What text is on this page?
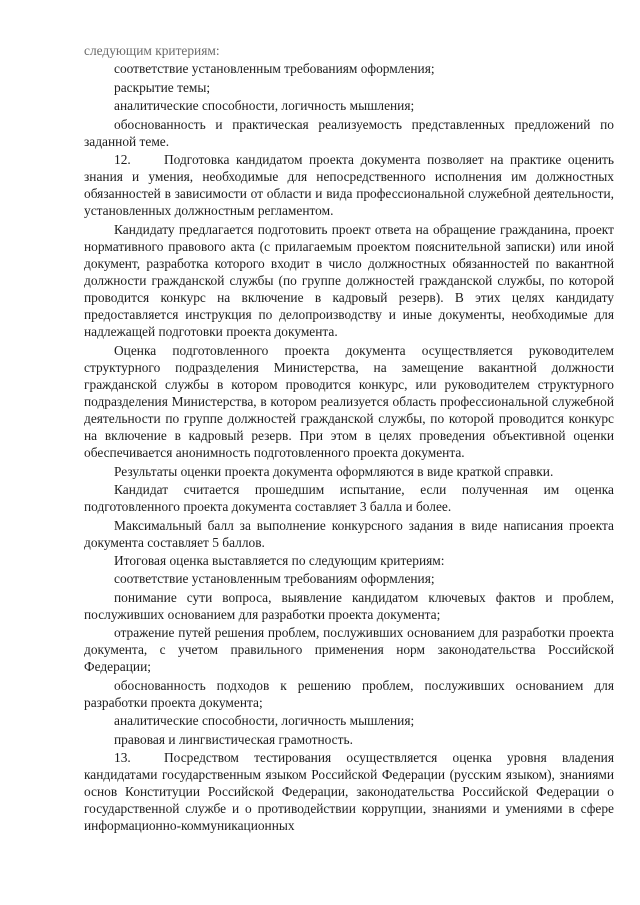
следующим критериям:

соответствие установленным требованиям оформления;

раскрытие темы;

аналитические способности, логичность мышления;

обоснованность и практическая реализуемость представленных предложений по заданной теме.

12. Подготовка кандидатом проекта документа позволяет на практике оценить знания и умения, необходимые для непосредственного исполнения им должностных обязанностей в зависимости от области и вида профессиональной служебной деятельности, установленных должностным регламентом.

Кандидату предлагается подготовить проект ответа на обращение гражданина, проект нормативного правового акта (с прилагаемым проектом пояснительной записки) или иной документ, разработка которого входит в число должностных обязанностей по вакантной должности гражданской службы (по группе должностей гражданской службы, по которой проводится конкурс на включение в кадровый резерв). В этих целях кандидату предоставляется инструкция по делопроизводству и иные документы, необходимые для надлежащей подготовки проекта документа.

Оценка подготовленного проекта документа осуществляется руководителем структурного подразделения Министерства, на замещение вакантной должности гражданской службы в котором проводится конкурс, или руководителем структурного подразделения Министерства, в котором реализуется область профессиональной служебной деятельности по группе должностей гражданской службы, по которой проводится конкурс на включение в кадровый резерв. При этом в целях проведения объективной оценки обеспечивается анонимность подготовленного проекта документа.

Результаты оценки проекта документа оформляются в виде краткой справки.

Кандидат считается прошедшим испытание, если полученная им оценка подготовленного проекта документа составляет 3 балла и более.

Максимальный балл за выполнение конкурсного задания в виде написания проекта документа составляет 5 баллов.

Итоговая оценка выставляется по следующим критериям:

соответствие установленным требованиям оформления;

понимание сути вопроса, выявление кандидатом ключевых фактов и проблем, послуживших основанием для разработки проекта документа;

отражение путей решения проблем, послуживших основанием для разработки проекта документа, с учетом правильного применения норм законодательства Российской Федерации;

обоснованность подходов к решению проблем, послуживших основанием для разработки проекта документа;

аналитические способности, логичность мышления;

правовая и лингвистическая грамотность.

13. Посредством тестирования осуществляется оценка уровня владения кандидатами государственным языком Российской Федерации (русским языком), знаниями основ Конституции Российской Федерации, законодательства Российской Федерации о государственной службе и о противодействии коррупции, знаниями и умениями в сфере информационно-коммуникационных
